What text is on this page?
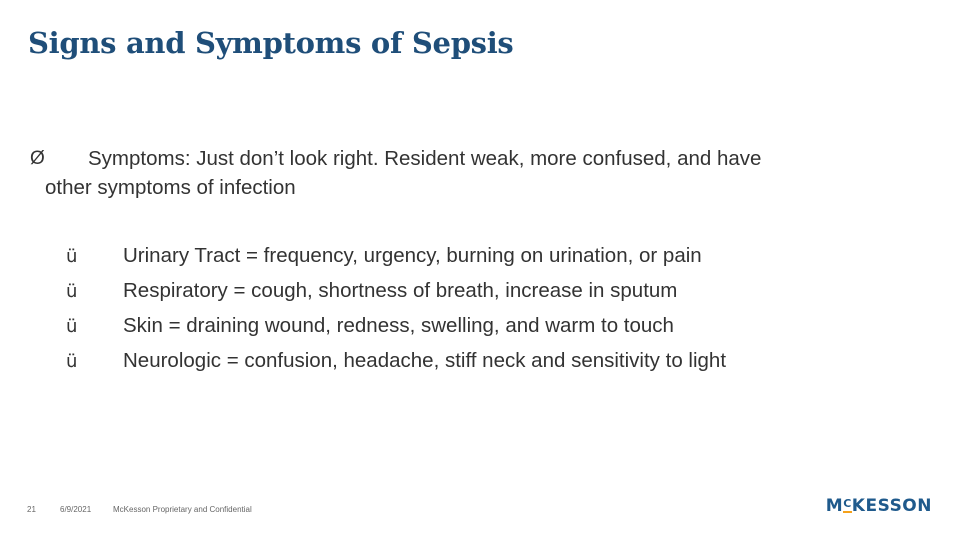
Signs and Symptoms of Sepsis
Ø	Symptoms: Just don’t look right. Resident weak, more confused, and have
other symptoms of infection
ü Urinary Tract = frequency, urgency, burning on urination, or pain
ü Respiratory = cough, shortness of breath, increase in sputum
ü Skin = draining wound, redness, swelling, and warm to touch
ü Neurologic = confusion, headache, stiff neck and sensitivity to light
21	6/9/2021	McKesson Proprietary and Confidential	MCKESSON
